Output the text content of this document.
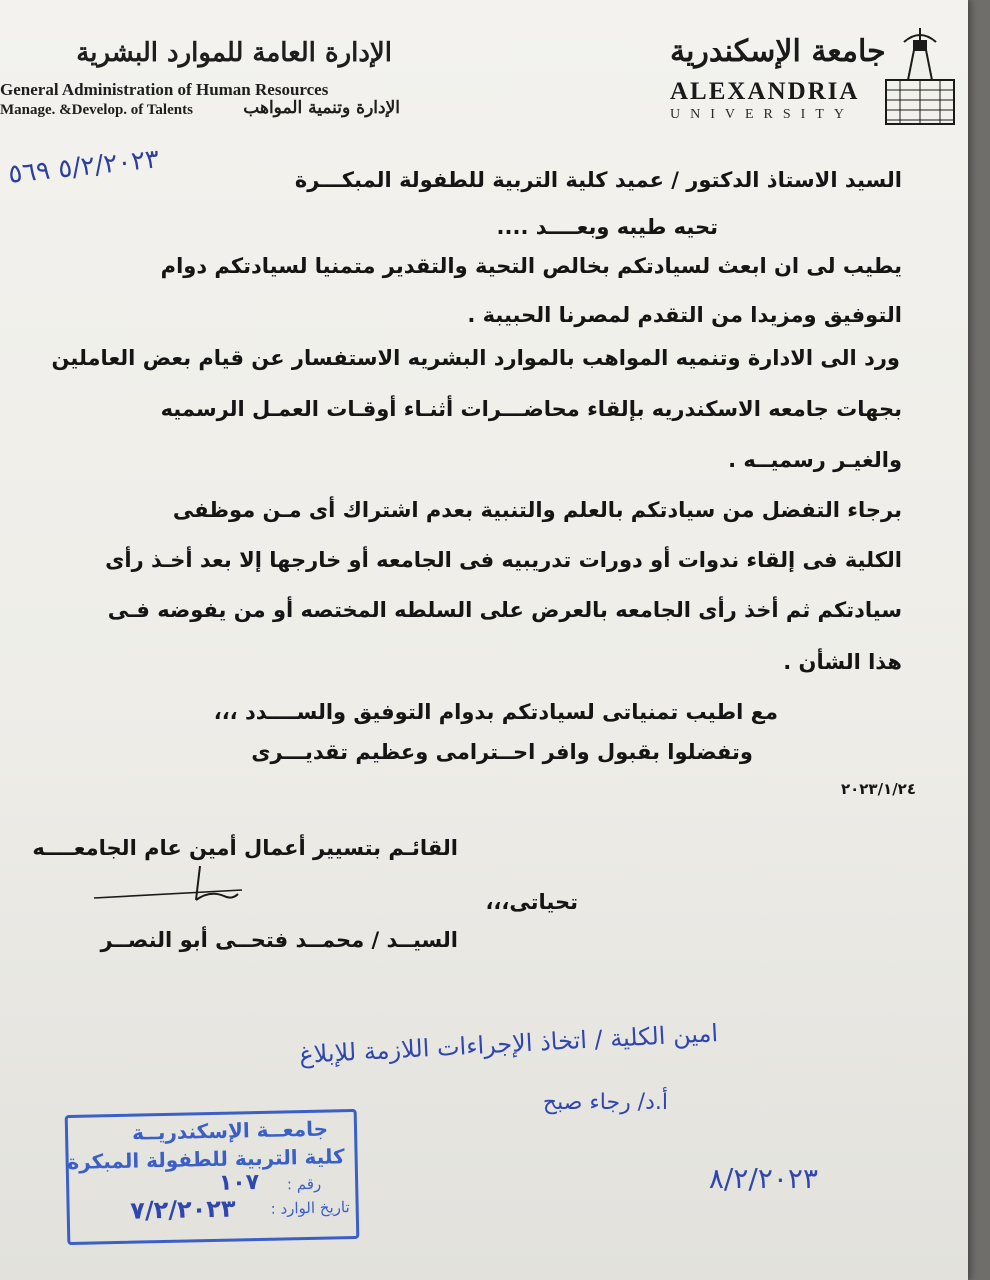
الإدارة العامة للموارد البشرية
General Administration of Human Resources
Manage. &Develop. of Talents	الإدارة وتنمية المواهب
جامعة الإسكندرية
ALEXANDRIA
UNIVERSITY
٥/٢/٢٠٢٣ ٥٦٩	السيد الاستاذ الدكتور / عميد كلية التربية للطفولة المبكـــرة
تحيه طيبه وبعــــد ....
يطيب لى ان ابعث لسيادتكم بخالص التحية والتقدير متمنيا لسيادتكم دوام
التوفيق ومزيدا من التقدم لمصرنا الحبيبة .
ورد الى الادارة وتنميه المواهب بالموارد البشريه الاستفسار عن قيام بعض العاملين
بجهات جامعه الاسكندريه بإلقاء محاضـــرات أثنـاء أوقـات العمـل الرسميه
والغيـر رسميــه .
برجاء التفضل من سيادتكم بالعلم والتنبية بعدم اشتراك أى مـن موظفى
الكلية فى إلقاء ندوات أو دورات تدريبيه فى الجامعه أو خارجها إلا بعد أخـذ رأى
سيادتكم ثم أخذ رأى الجامعه بالعرض على السلطه المختصه أو من يفوضه فـى
هذا الشأن .
مع اطيب تمنياتى لسيادتكم بدوام التوفيق والســــدد ،،،
وتفضلوا بقبول وافر احــترامى وعظيم تقديـــرى
٢٠٢٣/١/٢٤
القائـم بتسيير أعمال أمين عام الجامعــــه
تحياتى،،،
السيــد / محمــد فتحــى أبو النصــر
امين الكلية / اتخاذ الإجراءات اللازمة للإبلاغ
أ.د/ رجاء صبح
٨/٢/٢٠٢٣
جامعــة الإسكندريــة
كلية التربية للطفولة المبكرة
رقم :
١٠٧
تاريخ الوارد :
٧/٢/٢٠٢٣
